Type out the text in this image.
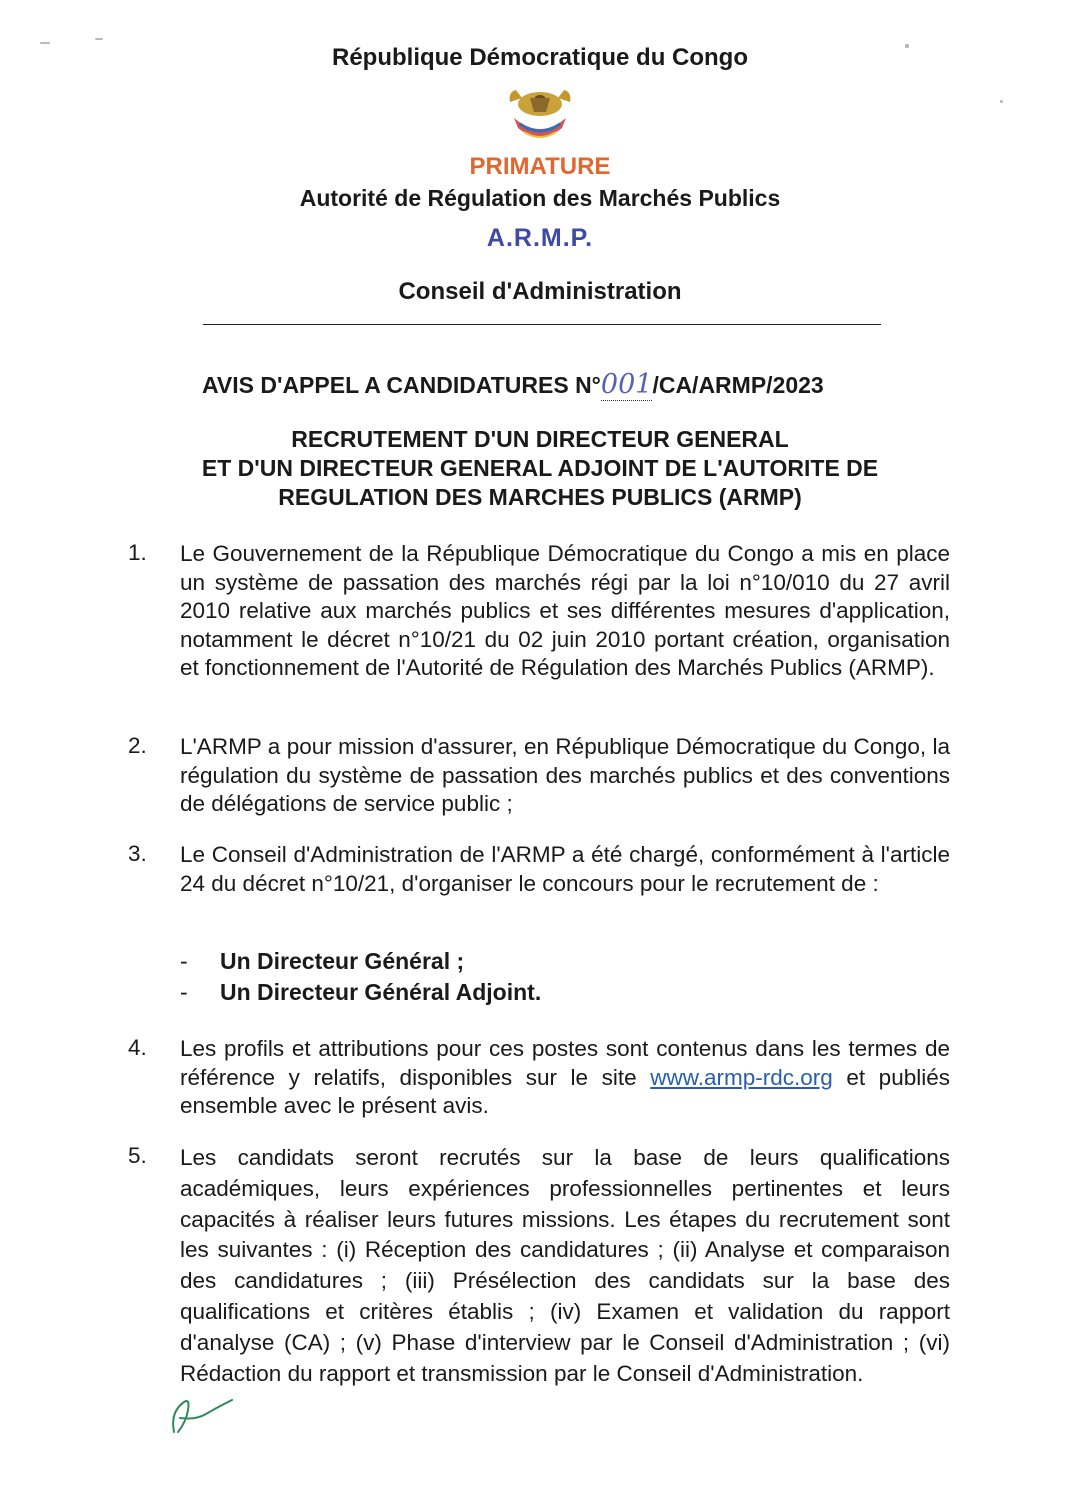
République Démocratique du Congo
PRIMATURE
Autorité de Régulation des Marchés Publics
A.R.M.P.
Conseil d'Administration
AVIS D'APPEL A CANDIDATURES N°001/CA/ARMP/2023
RECRUTEMENT D'UN DIRECTEUR GENERAL
ET D'UN DIRECTEUR GENERAL ADJOINT DE L'AUTORITE DE
REGULATION DES MARCHES PUBLICS (ARMP)
1. Le Gouvernement de la République Démocratique du Congo a mis en place un système de passation des marchés régi par la loi n°10/010 du 27 avril 2010 relative aux marchés publics et ses différentes mesures d'application, notamment le décret n°10/21 du 02 juin 2010 portant création, organisation et fonctionnement de l'Autorité de Régulation des Marchés Publics (ARMP).
2. L'ARMP a pour mission d'assurer, en République Démocratique du Congo, la régulation du système de passation des marchés publics et des conventions de délégations de service public ;
3. Le Conseil d'Administration de l'ARMP a été chargé, conformément à l'article 24 du décret n°10/21, d'organiser le concours pour le recrutement de :
- Un Directeur Général ;
- Un Directeur Général Adjoint.
4. Les profils et attributions pour ces postes sont contenus dans les termes de référence y relatifs, disponibles sur le site www.armp-rdc.org et publiés ensemble avec le présent avis.
5. Les candidats seront recrutés sur la base de leurs qualifications académiques, leurs expériences professionnelles pertinentes et leurs capacités à réaliser leurs futures missions. Les étapes du recrutement sont les suivantes : (i) Réception des candidatures ; (ii) Analyse et comparaison des candidatures ; (iii) Présélection des candidats sur la base des qualifications et critères établis ; (iv) Examen et validation du rapport d'analyse (CA) ; (v) Phase d'interview par le Conseil d'Administration ; (vi) Rédaction du rapport et transmission par le Conseil d'Administration.
